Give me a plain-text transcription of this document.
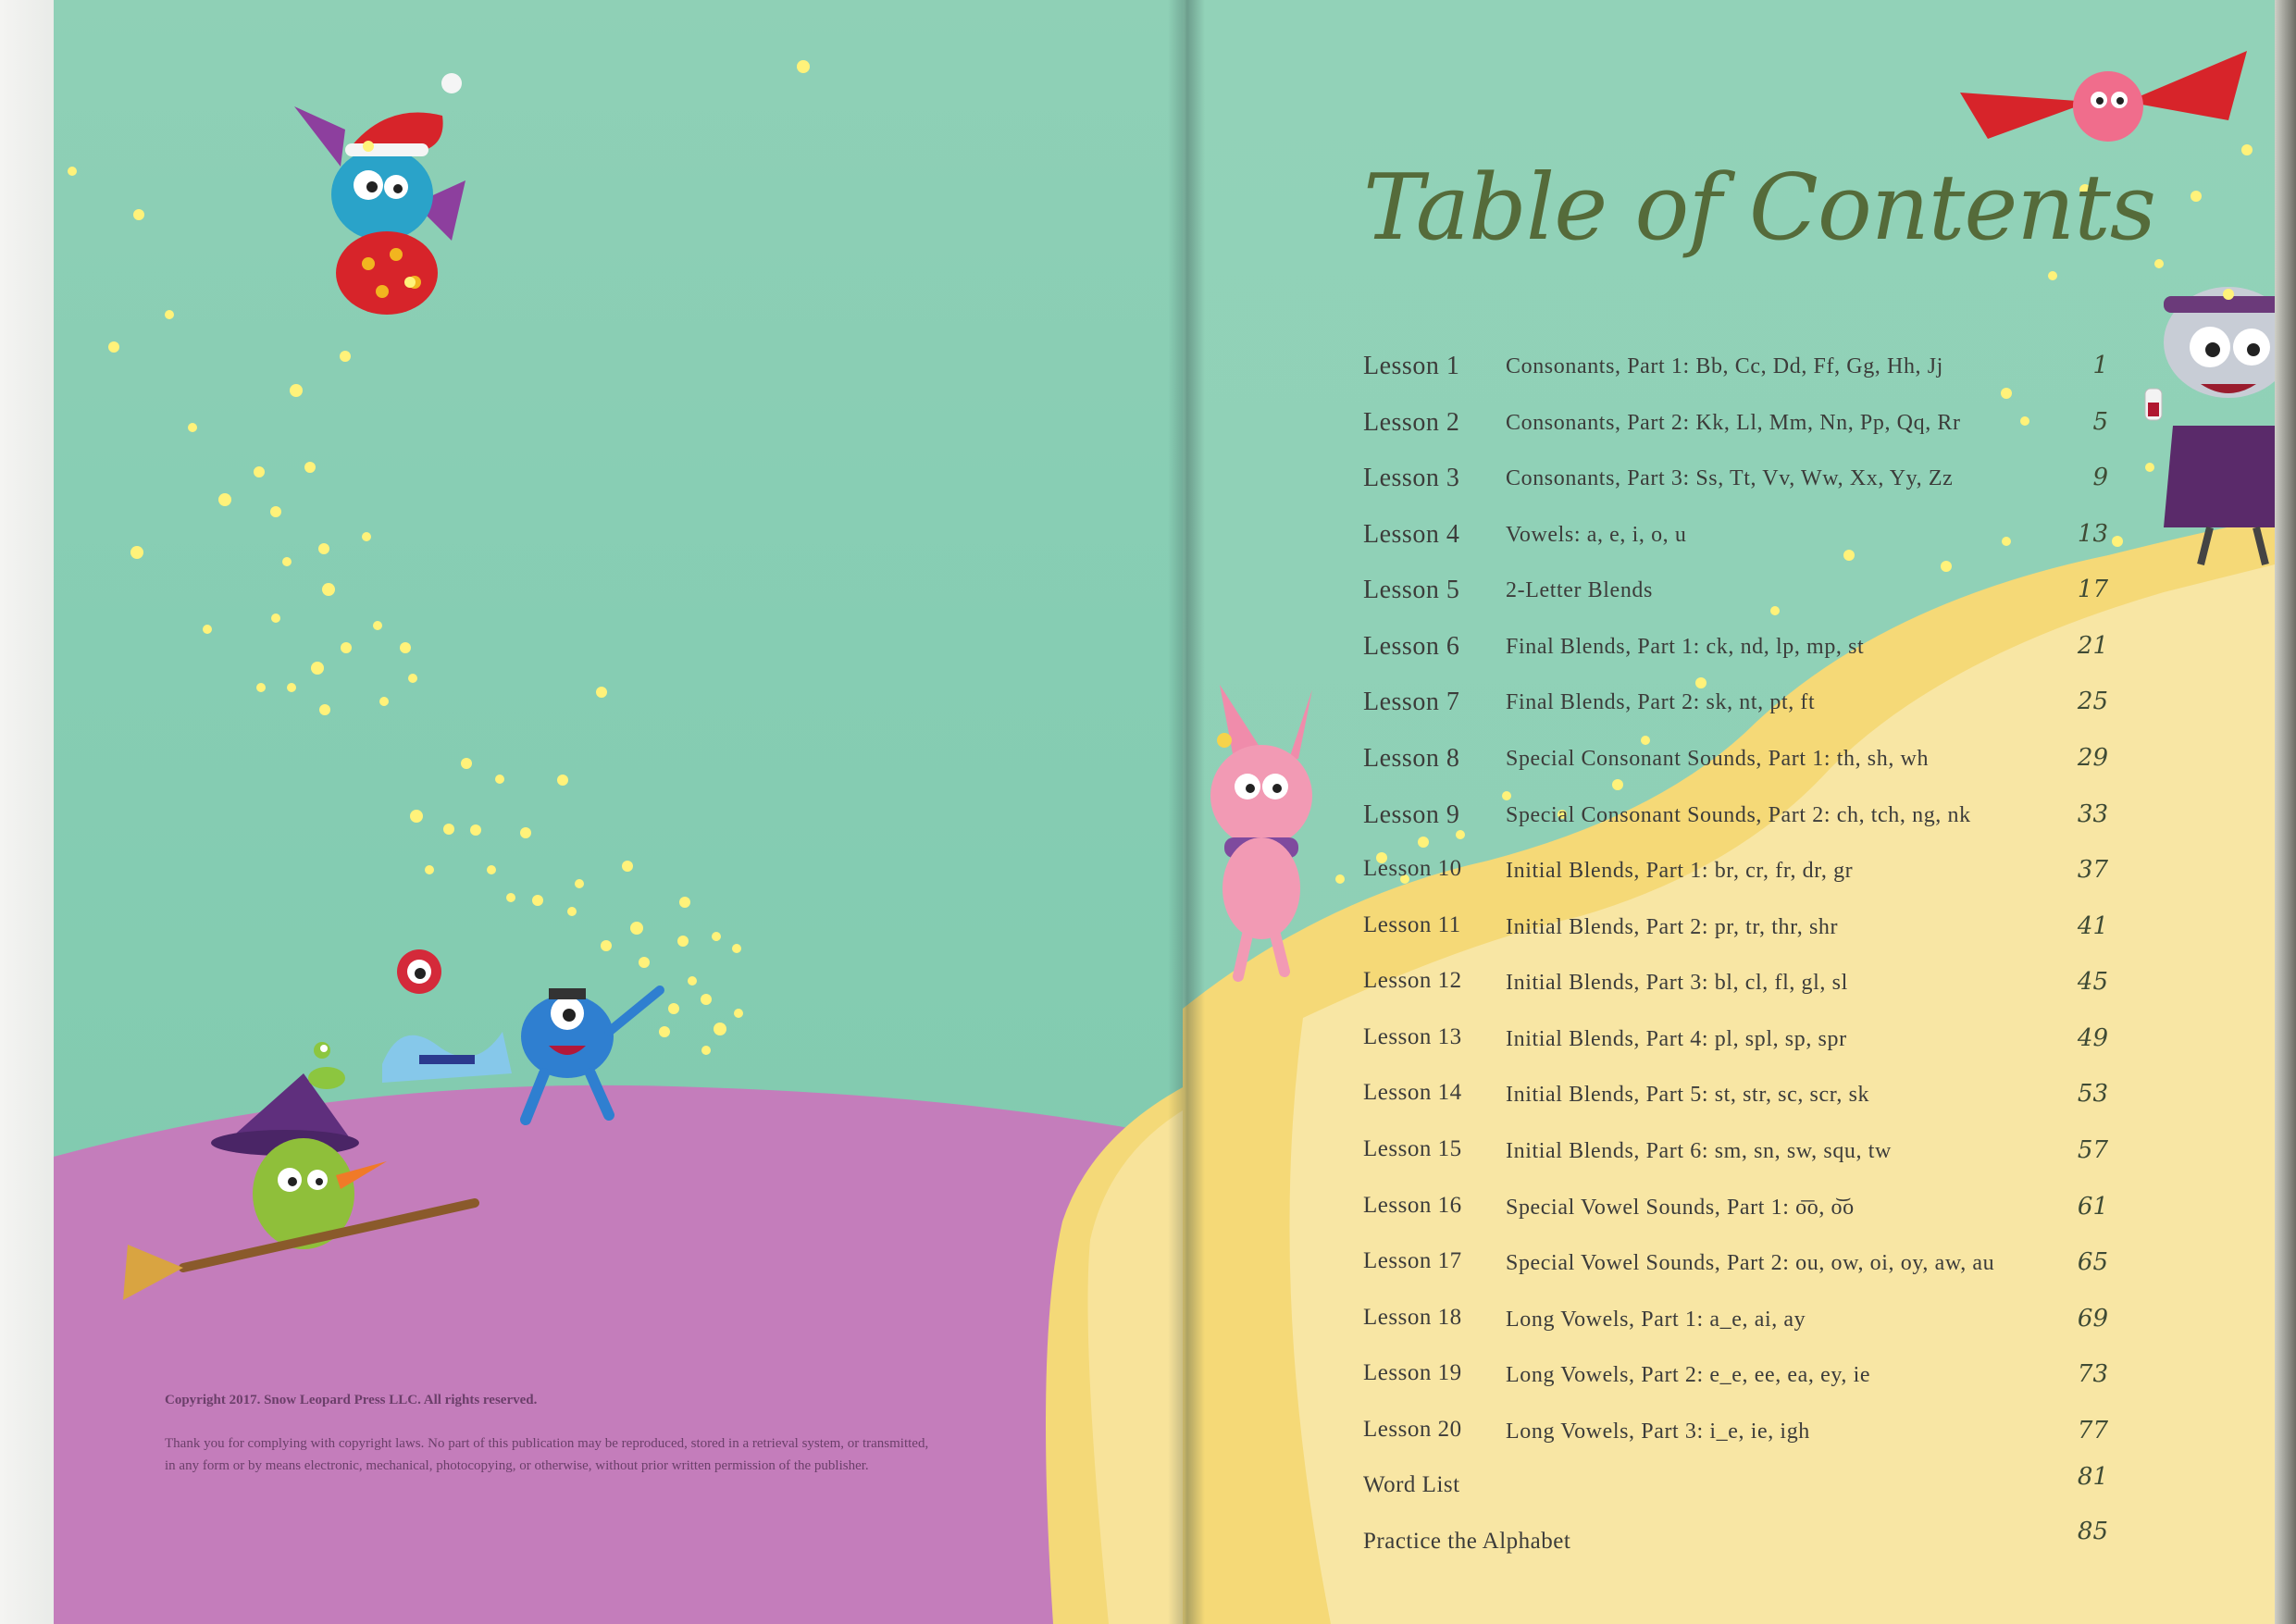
Copyright 2017. Snow Leopard Press LLC. All rights reserved.
Thank you for complying with copyright laws. No part of this publication may be reproduced, stored in a retrieval system, or transmitted, in any form or by means electronic, mechanical, photocopying, or otherwise, without prior written permission of the publisher.
Table of Contents
Lesson 1 Consonants, Part 1: Bb, Cc, Dd, Ff, Gg, Hh, Jj	1
Lesson 2 Consonants, Part 2: Kk, Ll, Mm, Nn, Pp, Qq, Rr	5
Lesson 3 Consonants, Part 3: Ss, Tt, Vv, Ww, Xx, Yy, Zz	9
Lesson 4 Vowels: a, e, i, o, u	13
Lesson 5 2-Letter Blends	17
Lesson 6 Final Blends, Part 1: ck, nd, lp, mp, st	21
Lesson 7 Final Blends, Part 2: sk, nt, pt, ft	25
Lesson 8 Special Consonant Sounds, Part 1: th, sh, wh	29
Lesson 9 Special Consonant Sounds, Part 2: ch, tch, ng, nk	33
Lesson 10 Initial Blends, Part 1: br, cr, fr, dr, gr	37
Lesson 11 Initial Blends, Part 2: pr, tr, thr, shr	41
Lesson 12 Initial Blends, Part 3: bl, cl, fl, gl, sl	45
Lesson 13 Initial Blends, Part 4: pl, spl, sp, spr	49
Lesson 14 Initial Blends, Part 5: st, str, sc, scr, sk	53
Lesson 15 Initial Blends, Part 6: sm, sn, sw, squ, tw	57
Lesson 16 Special Vowel Sounds, Part 1: o͞o, o͝o	61
Lesson 17 Special Vowel Sounds, Part 2: ou, ow, oi, oy, aw, au	65
Lesson 18 Long Vowels, Part 1: a_e, ai, ay	69
Lesson 19 Long Vowels, Part 2: e_e, ee, ea, ey, ie	73
Lesson 20 Long Vowels, Part 3: i_e, ie, igh	77
Word List	81
Practice the Alphabet	85
